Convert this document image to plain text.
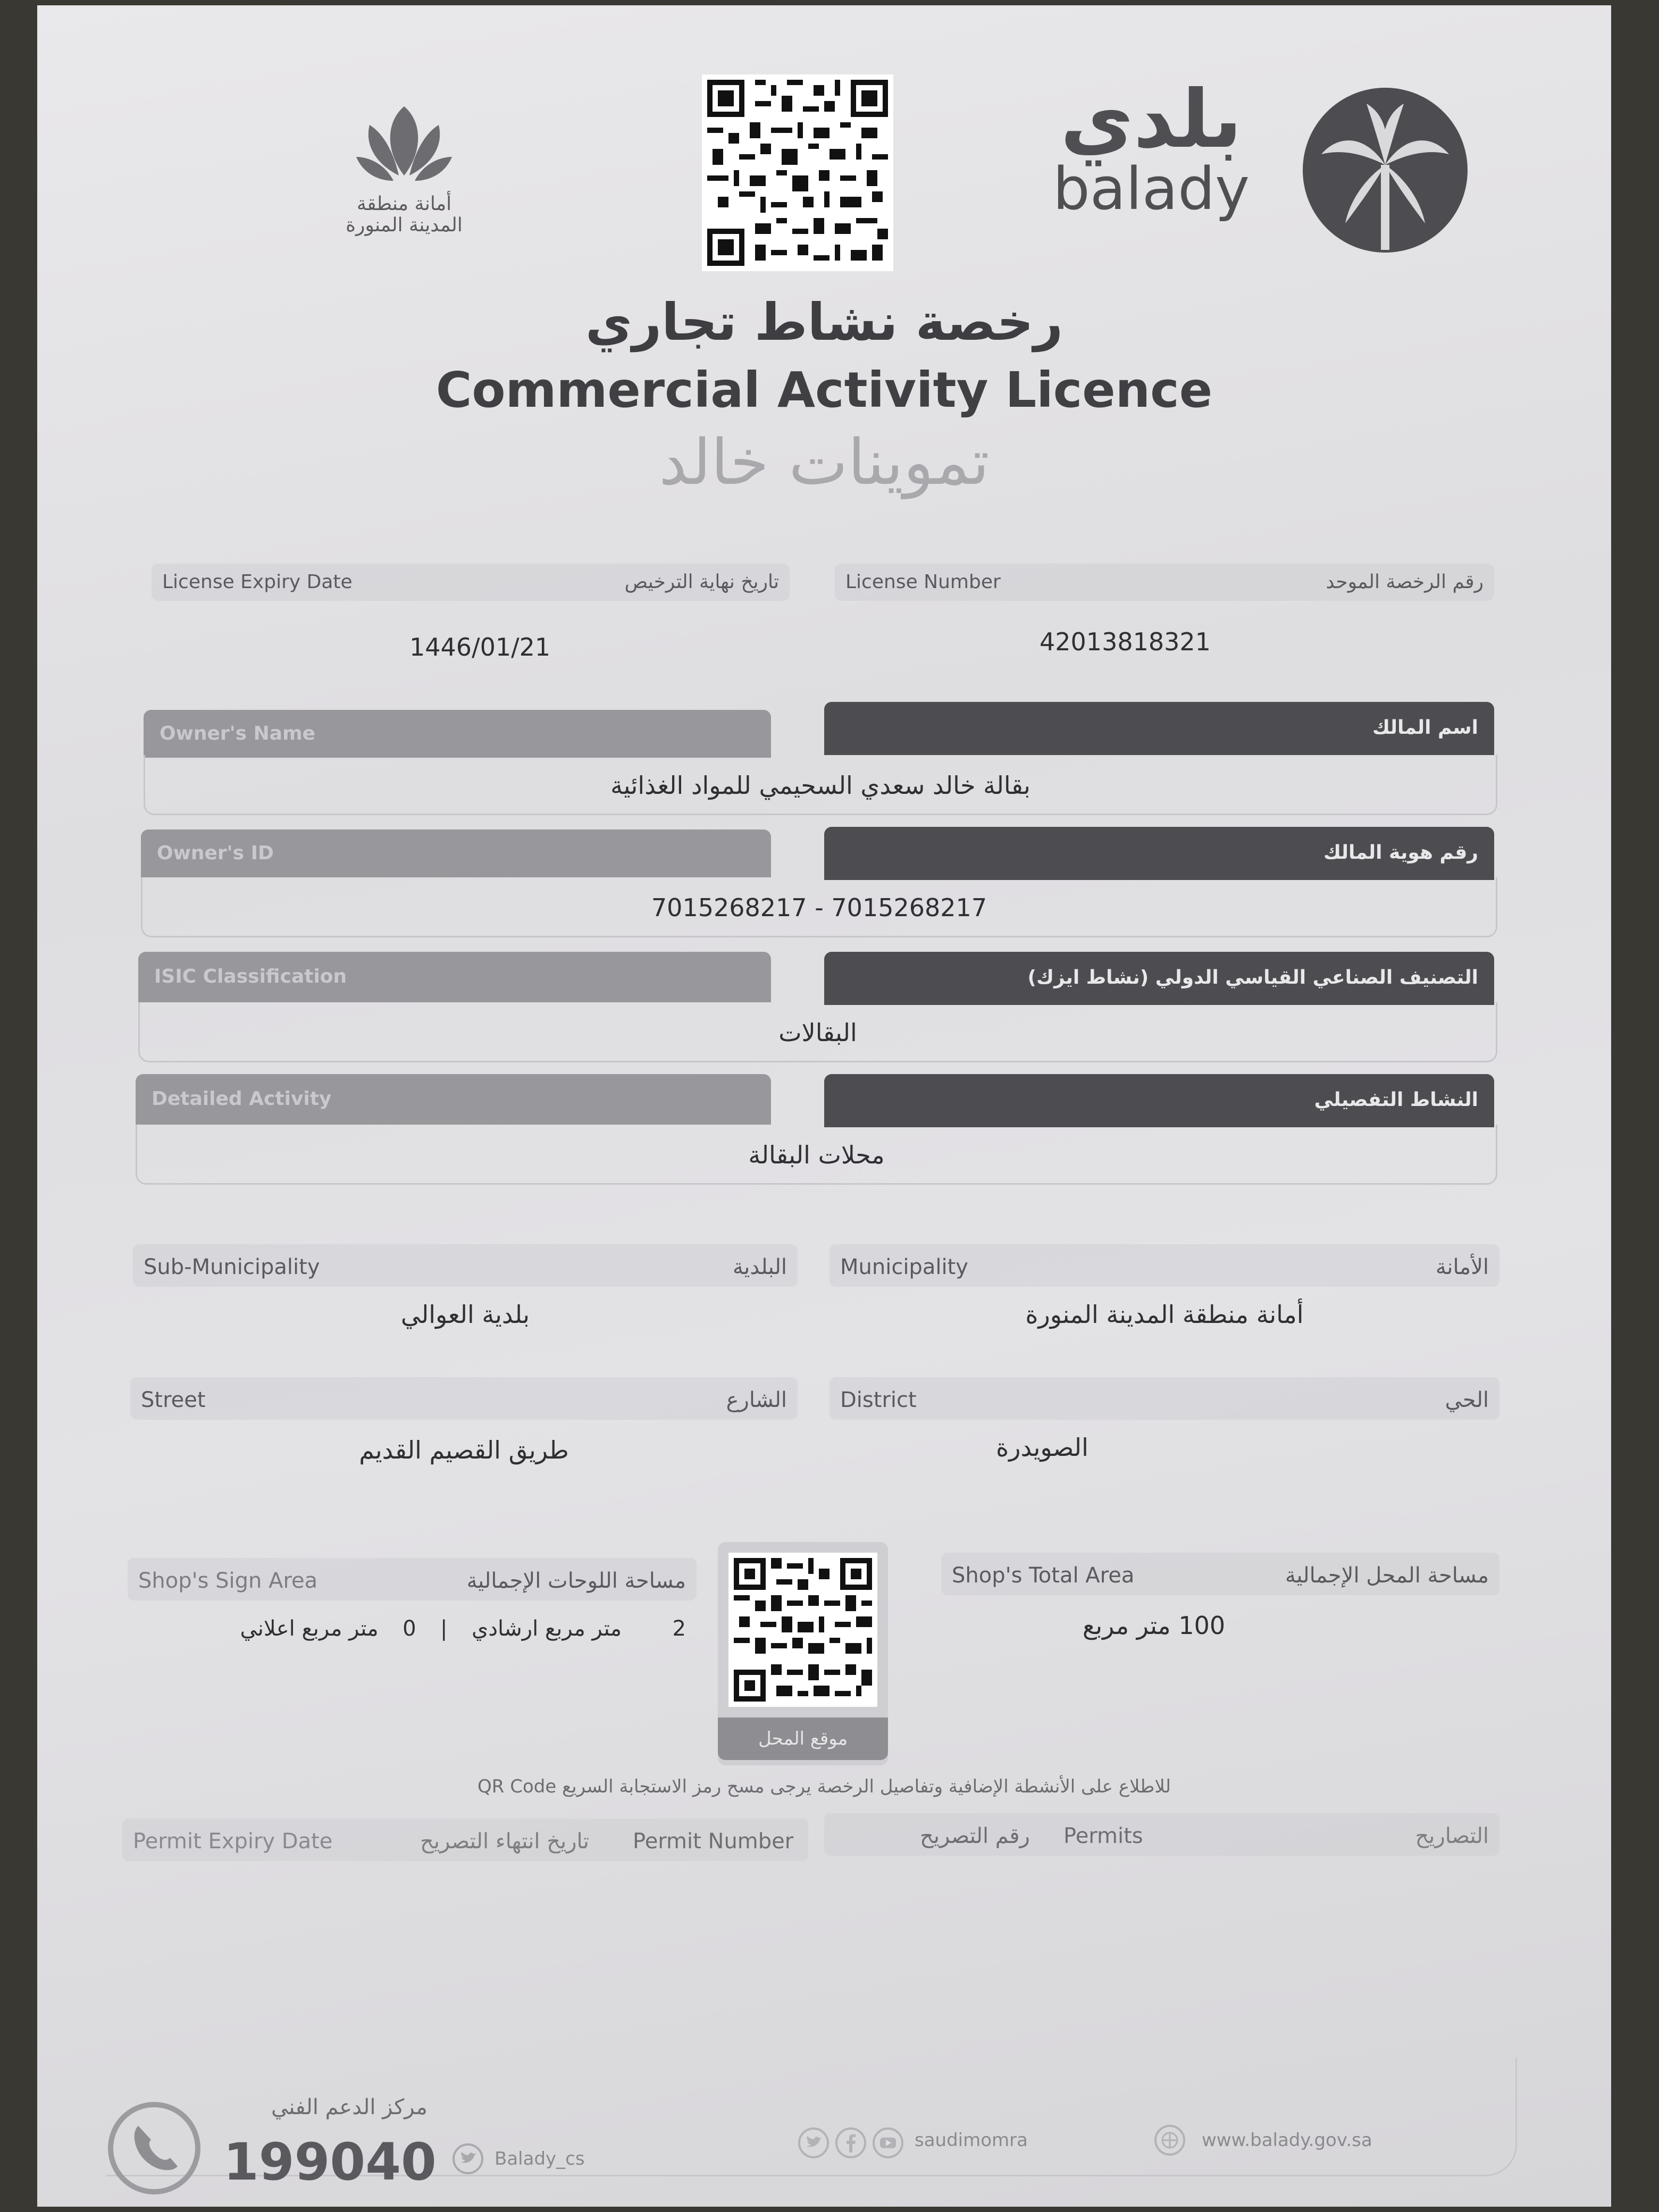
أمانة منطقة
المدينة المنورة
بلدي
balady
رخصة نشاط تجاري
Commercial Activity Licence
تموينات خالد
License Expiry Date	تاريخ نهاية الترخيص
1446/01/21
License Number	رقم الرخصة الموحد
42013818321
Owner's Name	اسم المالك
بقالة خالد سعدي السحيمي للمواد الغذائية
Owner's ID	رقم هوية المالك
7015268217 - 7015268217
ISIC Classification	التصنيف الصناعي القياسي الدولي (نشاط ايزك)
البقالات
Detailed Activity	النشاط التفصيلي
محلات البقالة
Sub-Municipality	البلدية
بلدية العوالي
Municipality	الأمانة
أمانة منطقة المدينة المنورة
Street	الشارع
طريق القصيم القديم
District	الحي
الصويدرة
Shop's Sign Area	مساحة اللوحات الإجمالية
2  متر مربع ارشادي  |  0  متر مربع اعلاني
موقع المحل
Shop's Total Area	مساحة المحل الإجمالية
100 متر مربع
للاطلاع على الأنشطة الإضافية وتفاصيل الرخصة يرجى مسح رمز الاستجابة السريع QR Code
Permit Expiry Date	تاريخ انتهاء التصريح Permit Number	رقم التصريح Permits	التصاريح
مركز الدعم الفني
199040	Balady_cs
saudimomra	www.balady.gov.sa
